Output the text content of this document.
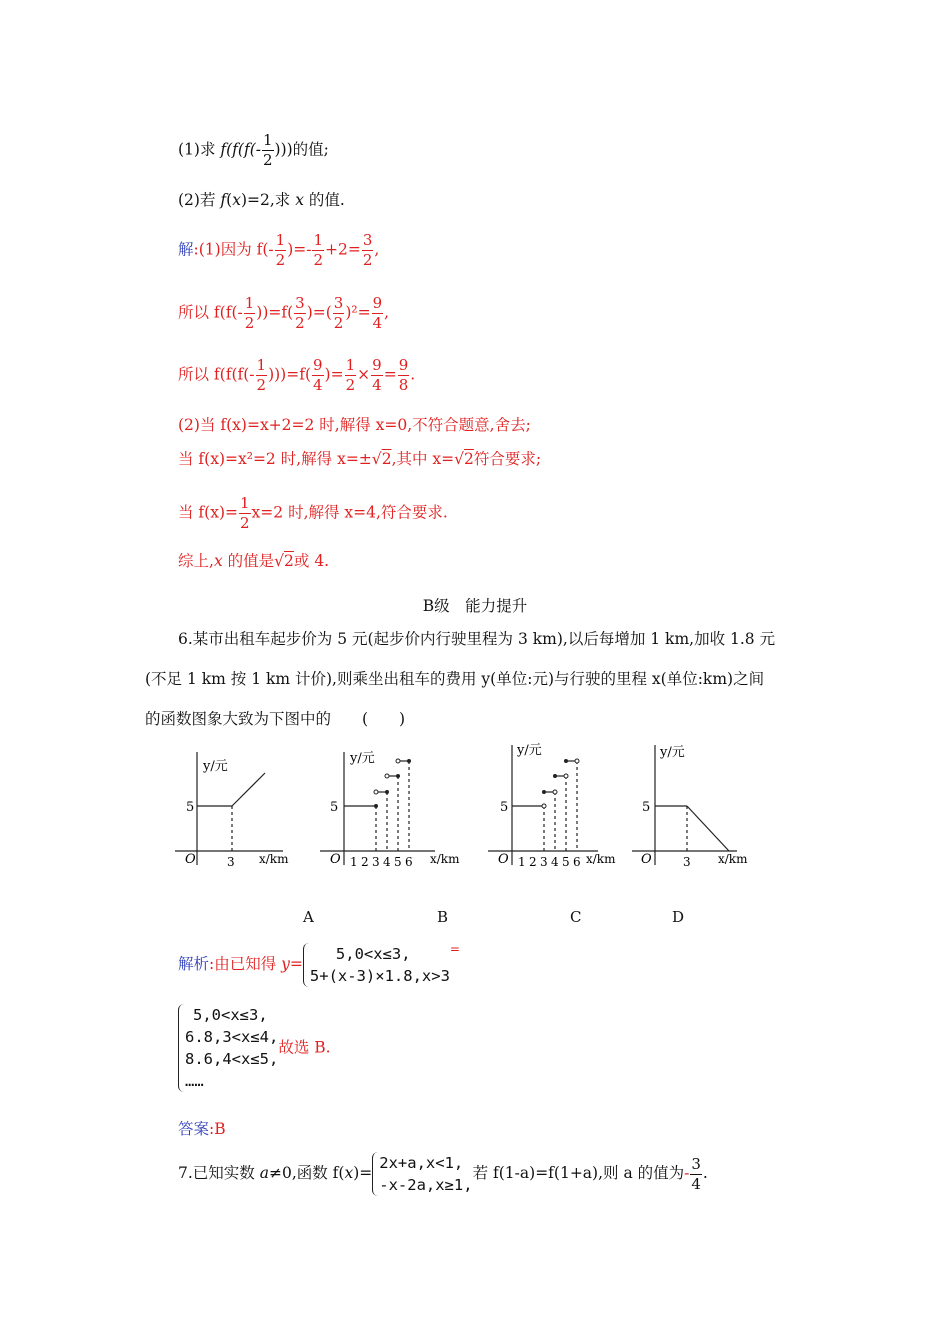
(1)求 $f(f(f(- \frac{1}{2}$ )))的值;
(2)若 f(x)=2,求 x 的值.
解:(1)因为 $f(- \frac{1}{2}$ )=- $\frac{1}{2} +2= \frac{3}{2}$ ,
所以 $f(f(- \frac{1}{2} ))=f( \frac{3}{2}$ )=( $\frac{3}{2} )^2= \frac{9}{4}$ ,
所以 $f(f(f(- \frac{1}{2} )))=f( \frac{9}{4}$ )= $\frac{1}{2} \times \frac{9}{4} = \frac{9}{8}$ .
(2)当 f(x)=x+2=2 时,解得 x=0,不符合题意,舍去;
当 f(x)=x²=2 时,解得 x=±√2,其中 x=√2符合要求;
当 $f(x)= \frac{1}{2} x=2$ 时,解得 x=4,符合要求.
综上,x 的值是√2或 4.
B级　能力提升
6.某市出租车起步价为 5 元(起步价内行驶里程为 3 km),以后每增加 1 km,加收 1.8 元
(不足 1 km 按 1 km 计价),则乘坐出租车的费用 y(单位:元)与行驶的里程 x(单位:km)之间
的函数图象大致为下图中的　　(　　)
O
5
3
y/元
x/km	O
5
1 2 3 4 5 6
y/元
x/km	O
5
1 2 3 4 5 6
y/元
x/km O
5
3
y/元
x/km
A	B	C	D
解析:由已知得 y=
5,0<x≤3,
5+(x-3)×1.8,x>3
=
5,0<x≤3,
6.8,3<x≤4,
8.6,4<x≤5,
……
故选 B.
答案:B
7.已知实数 a≠0,函数 f(x)=
2x+a,x<1,
-x-2a,x≥1,
若 f(1-a)=f(1+a),则 a 的值为- $\frac{3}{4}$ .
